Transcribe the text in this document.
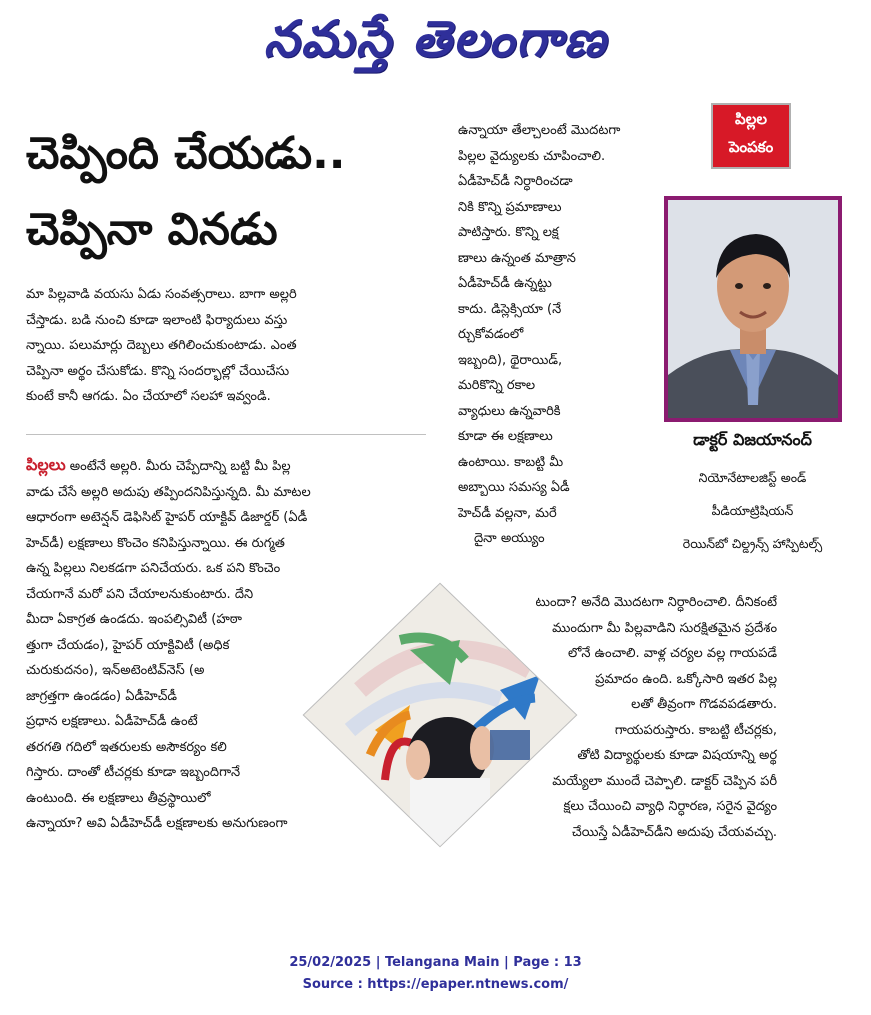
నమస్తే తెలంగాణ
చెప్పింది చేయడు..
చెప్పినా వినడు
మా పిల్లవాడి వయసు ఏడు సంవత్సరాలు. బాగా అల్లరి
చేస్తాడు. బడి నుంచి కూడా ఇలాంటి ఫిర్యాదులు వస్తు
న్నాయి. పలుమార్లు దెబ్బలు తగిలించుకుంటాడు. ఎంత
చెప్పినా అర్థం చేసుకోడు. కొన్ని సందర్భాల్లో చేయిచేసు
కుంటే కానీ ఆగడు. ఏం చేయాలో సలహా ఇవ్వండి.
పిల్లలు అంటేనే అల్లరి. మీరు చెప్పేదాన్ని బట్టి మీ పిల్ల
వాడు చేసే అల్లరి అదుపు తప్పిందనిపిస్తున్నది. మీ మాటల
ఆధారంగా అటెన్షన్ డెఫిసిట్ హైపర్ యాక్టివ్ డిజార్డర్ (ఏడీ
హెచ్‌డీ) లక్షణాలు కొంచెం కనిపిస్తున్నాయి. ఈ రుగ్మత
ఉన్న పిల్లలు నిలకడగా పనిచేయరు. ఒక పని కొంచెం
చేయగానే మరో పని చేయాలనుకుంటారు. దేని
మీదా ఏకాగ్రత ఉండదు. ఇంపల్సివిటీ (హఠా
త్తుగా చేయడం), హైపర్ యాక్టివిటీ (అధిక
చురుకుదనం), ఇన్‌అటెంటివ్‌నెస్ (అ
జాగ్రత్తగా ఉండడం) ఏడీహెచ్‌డీ
ప్రధాన లక్షణాలు. ఏడీహెచ్‌డీ ఉంటే
తరగతి గదిలో ఇతరులకు అసౌకర్యం కలి
గిస్తారు. దాంతో టీచర్లకు కూడా ఇబ్బందిగానే
ఉంటుంది. ఈ లక్షణాలు తీవ్రస్థాయిలో
ఉన్నాయా? అవి ఏడీహెచ్‌డీ లక్షణాలకు అనుగుణంగా
ఉన్నాయా తేల్చాలంటే మొదటగా
పిల్లల వైద్యులకు చూపించాలి.
ఏడీహెచ్‌డీ నిర్ధారించడా
నికి కొన్ని ప్రమాణాలు
పాటిస్తారు. కొన్ని లక్ష
ణాలు ఉన్నంత మాత్రాన
ఏడీహెచ్‌డీ ఉన్నట్టు
కాదు. డిస్లెక్సియా (నే
ర్చుకోవడంలో
ఇబ్బంది), థైరాయిడ్,
మరికొన్ని రకాల
వ్యాధులు ఉన్నవారికి
కూడా ఈ లక్షణాలు
ఉంటాయి. కాబట్టి మీ
అబ్బాయి సమస్య ఏడీ
హెచ్‌డీ వల్లనా, మరే
దైనా అయ్యుం
టుందా? అనేది మొదటగా నిర్ధారించాలి. దీనికంటే
ముందుగా మీ పిల్లవాడిని సురక్షితమైన ప్రదేశం
లోనే ఉంచాలి. వాళ్ల చర్యల వల్ల గాయపడే
ప్రమాదం ఉంది. ఒక్కోసారి ఇతర పిల్ల
లతో తీవ్రంగా గొడవపడతారు.
గాయపరుస్తారు. కాబట్టి టీచర్లకు,
తోటి విద్యార్థులకు కూడా విషయాన్ని అర్థ
మయ్యేలా ముందే చెప్పాలి. డాక్టర్ చెప్పిన పరీ
క్షలు చేయించి వ్యాధి నిర్ధారణ, సరైన వైద్యం
చేయిస్తే ఏడీహెచ్‌డీని అదుపు చేయవచ్చు.
పిల్లల
పెంపకం
డాక్టర్ విజయానంద్
నియోనేటాలజిస్ట్ అండ్
పీడియాట్రిషియన్
రెయిన్‌బో చిల్డ్రన్స్ హాస్పిటల్స్
25/02/2025 | Telangana Main | Page : 13
Source : https://epaper.ntnews.com/
